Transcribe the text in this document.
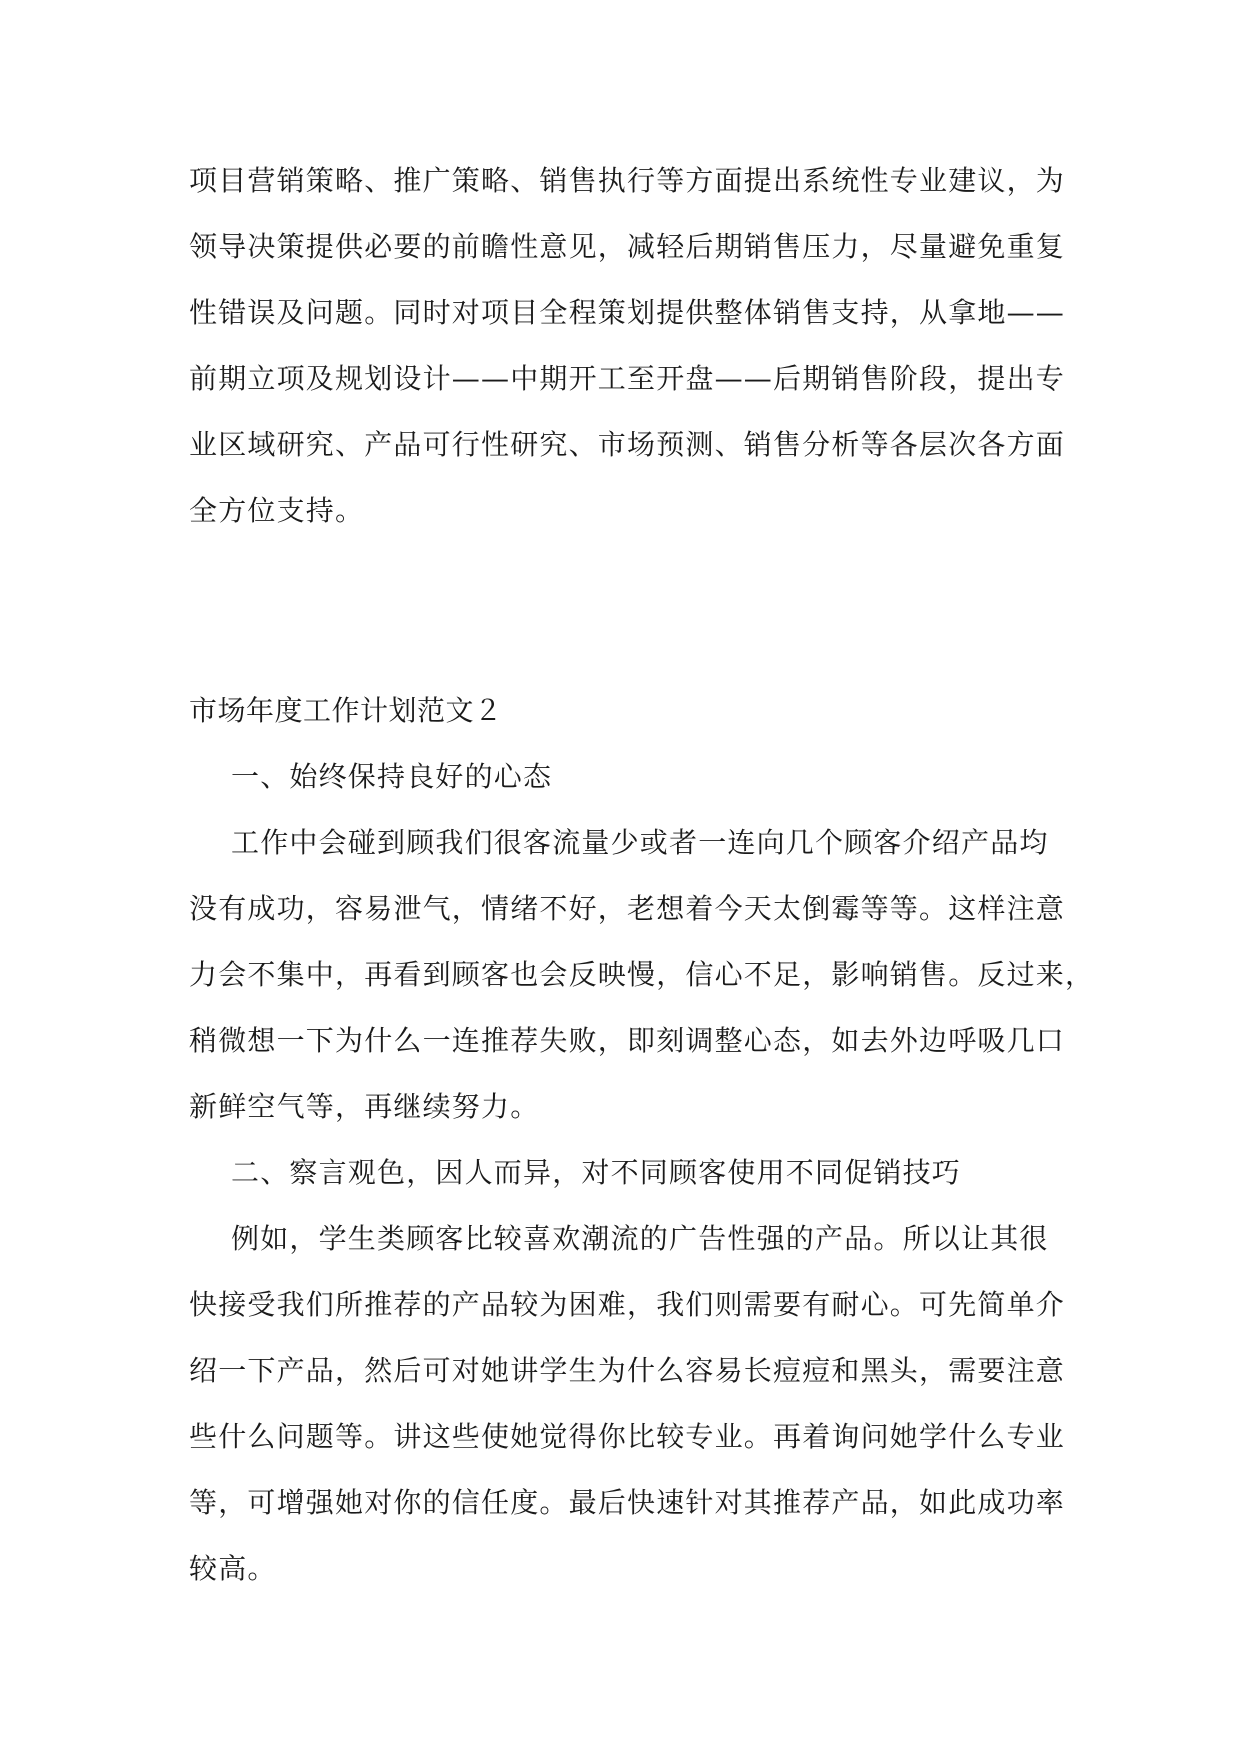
项目营销策略、推广策略、销售执行等方面提出系统性专业建议，为
领导决策提供必要的前瞻性意见，减轻后期销售压力，尽量避免重复
性错误及问题。同时对项目全程策划提供整体销售支持，从拿地——
前期立项及规划设计——中期开工至开盘——后期销售阶段，提出专
业区域研究、产品可行性研究、市场预测、销售分析等各层次各方面
全方位支持。
市场年度工作计划范文２
一、始终保持良好的心态
工作中会碰到顾我们很客流量少或者一连向几个顾客介绍产品均
没有成功，容易泄气，情绪不好，老想着今天太倒霉等等。这样注意
力会不集中，再看到顾客也会反映慢，信心不足，影响销售。反过来，
稍微想一下为什么一连推荐失败，即刻调整心态，如去外边呼吸几口
新鲜空气等，再继续努力。
二、察言观色，因人而异，对不同顾客使用不同促销技巧
例如，学生类顾客比较喜欢潮流的广告性强的产品。所以让其很
快接受我们所推荐的产品较为困难，我们则需要有耐心。可先简单介
绍一下产品，然后可对她讲学生为什么容易长痘痘和黑头，需要注意
些什么问题等。讲这些使她觉得你比较专业。再着询问她学什么专业
等，可增强她对你的信任度。最后快速针对其推荐产品，如此成功率
较高。
